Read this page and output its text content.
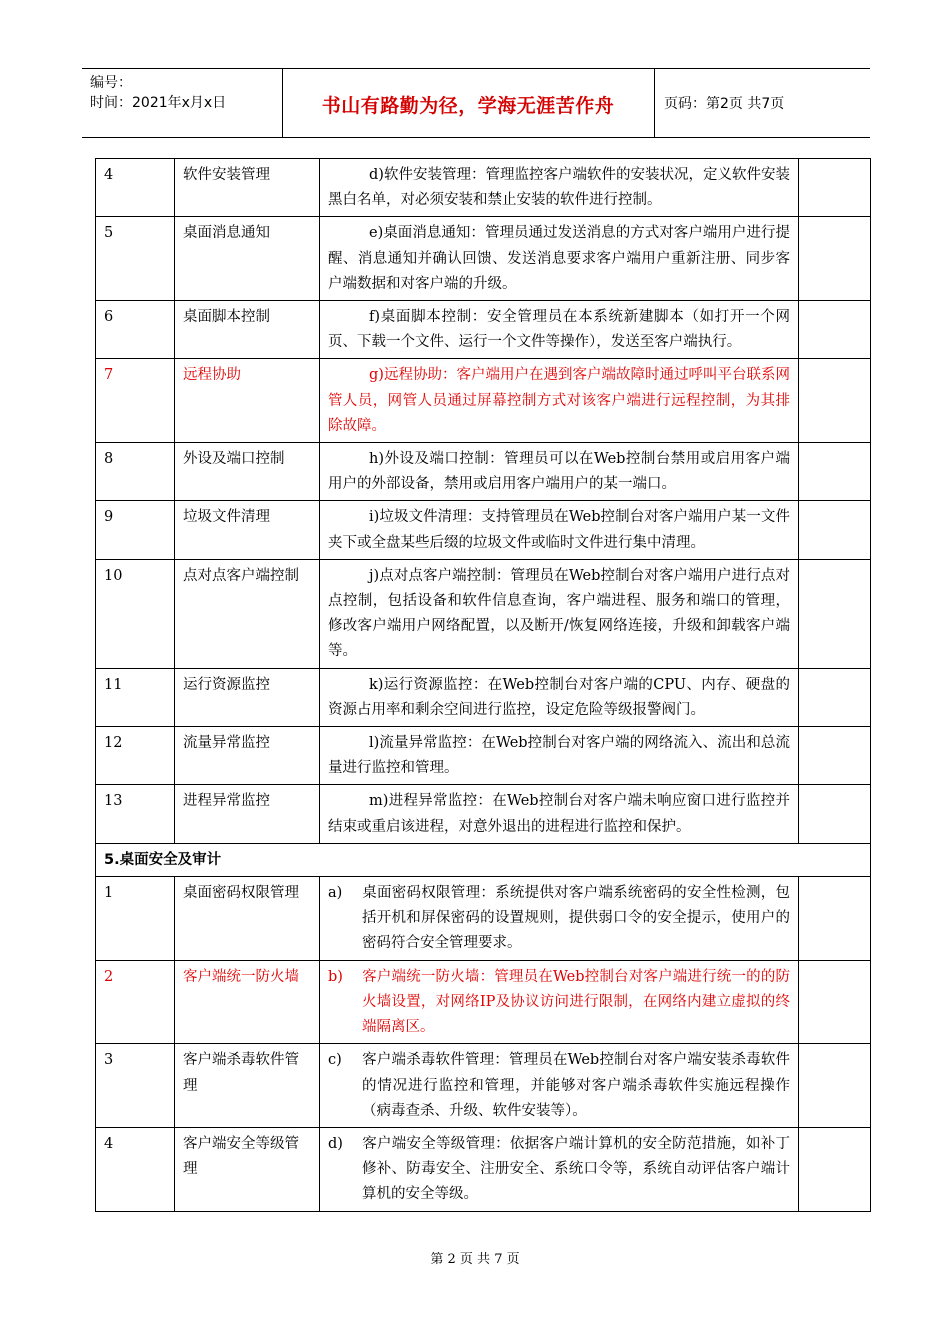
编号：
时间：2021年x月x日	书山有路勤为径，学海无涯苦作舟	页码：第2页 共7页
4	软件安装管理	d)软件安装管理：管理监控客户端软件的安装状况，定义软件安装黑白名单，对必须安装和禁止安装的软件进行控制。	
5	桌面消息通知	e)桌面消息通知：管理员通过发送消息的方式对客户端用户进行提醒、消息通知并确认回馈、发送消息要求客户端用户重新注册、同步客户端数据和对客户端的升级。	
6	桌面脚本控制	f)桌面脚本控制：安全管理员在本系统新建脚本（如打开一个网页、下载一个文件、运行一个文件等操作），发送至客户端执行。	
7	远程协助	g)远程协助：客户端用户在遇到客户端故障时通过呼叫平台联系网管人员，网管人员通过屏幕控制方式对该客户端进行远程控制，为其排除故障。	
8	外设及端口控制	h)外设及端口控制：管理员可以在Web控制台禁用或启用客户端用户的外部设备，禁用或启用客户端用户的某一端口。	
9	垃圾文件清理	i)垃圾文件清理：支持管理员在Web控制台对客户端用户某一文件夹下或全盘某些后缀的垃圾文件或临时文件进行集中清理。	
10	点对点客户端控制	j)点对点客户端控制：管理员在Web控制台对客户端用户进行点对点控制，包括设备和软件信息查询，客户端进程、服务和端口的管理，修改客户端用户网络配置，以及断开/恢复网络连接，升级和卸载客户端等。	
11	运行资源监控	k)运行资源监控：在Web控制台对客户端的CPU、内存、硬盘的资源占用率和剩余空间进行监控，设定危险等级报警阀门。	
12	流量异常监控	l)流量异常监控：在Web控制台对客户端的网络流入、流出和总流量进行监控和管理。	
13	进程异常监控	m)进程异常监控：在Web控制台对客户端未响应窗口进行监控并结束或重启该进程，对意外退出的进程进行监控和保护。	
5.桌面安全及审计			
1	桌面密码权限管理	a) 桌面密码权限管理：系统提供对客户端系统密码的安全性检测，包括开机和屏保密码的设置规则，提供弱口令的安全提示，使用户的密码符合安全管理要求。	
2	客户端统一防火墙	b) 客户端统一防火墙：管理员在Web控制台对客户端进行统一的的防火墙设置，对网络IP及协议访问进行限制，在网络内建立虚拟的终端隔离区。	
3	客户端杀毒软件管理	c) 客户端杀毒软件管理：管理员在Web控制台对客户端安装杀毒软件的情况进行监控和管理，并能够对客户端杀毒软件实施远程操作（病毒查杀、升级、软件安装等）。	
4	客户端安全等级管理	d) 客户端安全等级管理：依据客户端计算机的安全防范措施，如补丁修补、防毒安全、注册安全、系统口令等，系统自动评估客户端计算机的安全等级。	
第 2 页 共 7 页
